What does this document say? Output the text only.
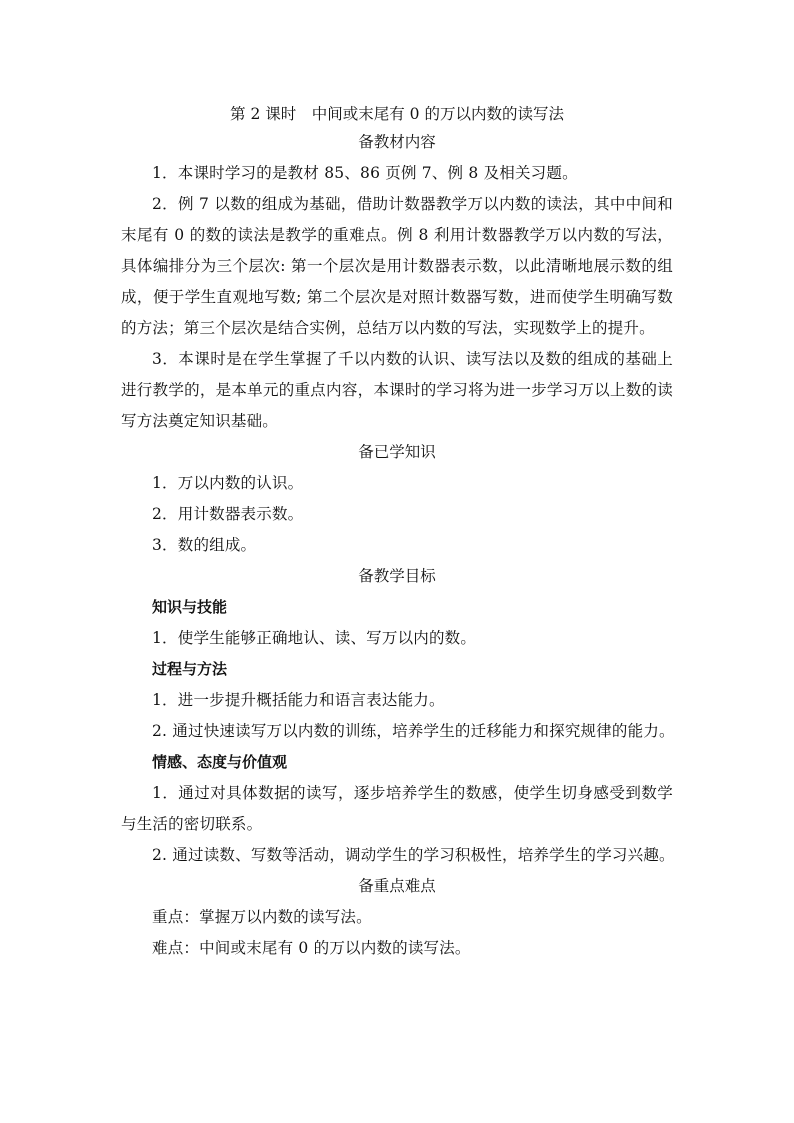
第 2 课时　中间或末尾有 0 的万以内数的读写法

备教材内容

1．本课时学习的是教材 85、86 页例 7、例 8 及相关习题。

2．例 7 以数的组成为基础，借助计数器教学万以内数的读法，其中中间和末尾有 0 的数的读法是教学的重难点。例 8 利用计数器教学万以内数的写法，具体编排分为三个层次: 第一个层次是用计数器表示数，以此清晰地展示数的组成，便于学生直观地写数; 第二个层次是对照计数器写数，进而使学生明确写数的方法；第三个层次是结合实例，总结万以内数的写法，实现数学上的提升。

3．本课时是在学生掌握了千以内数的认识、读写法以及数的组成的基础上进行教学的，是本单元的重点内容，本课时的学习将为进一步学习万以上数的读写方法奠定知识基础。

备已学知识

1．万以内数的认识。

2．用计数器表示数。

3．数的组成。

备教学目标

知识与技能

1．使学生能够正确地认、读、写万以内的数。

过程与方法

1．进一步提升概括能力和语言表达能力。

2. 通过快速读写万以内数的训练，培养学生的迁移能力和探究规律的能力。

情感、态度与价值观

1．通过对具体数据的读写，逐步培养学生的数感，使学生切身感受到数学与生活的密切联系。

2. 通过读数、写数等活动，调动学生的学习积极性，培养学生的学习兴趣。

备重点难点

重点：掌握万以内数的读写法。

难点：中间或末尾有 0 的万以内数的读写法。
